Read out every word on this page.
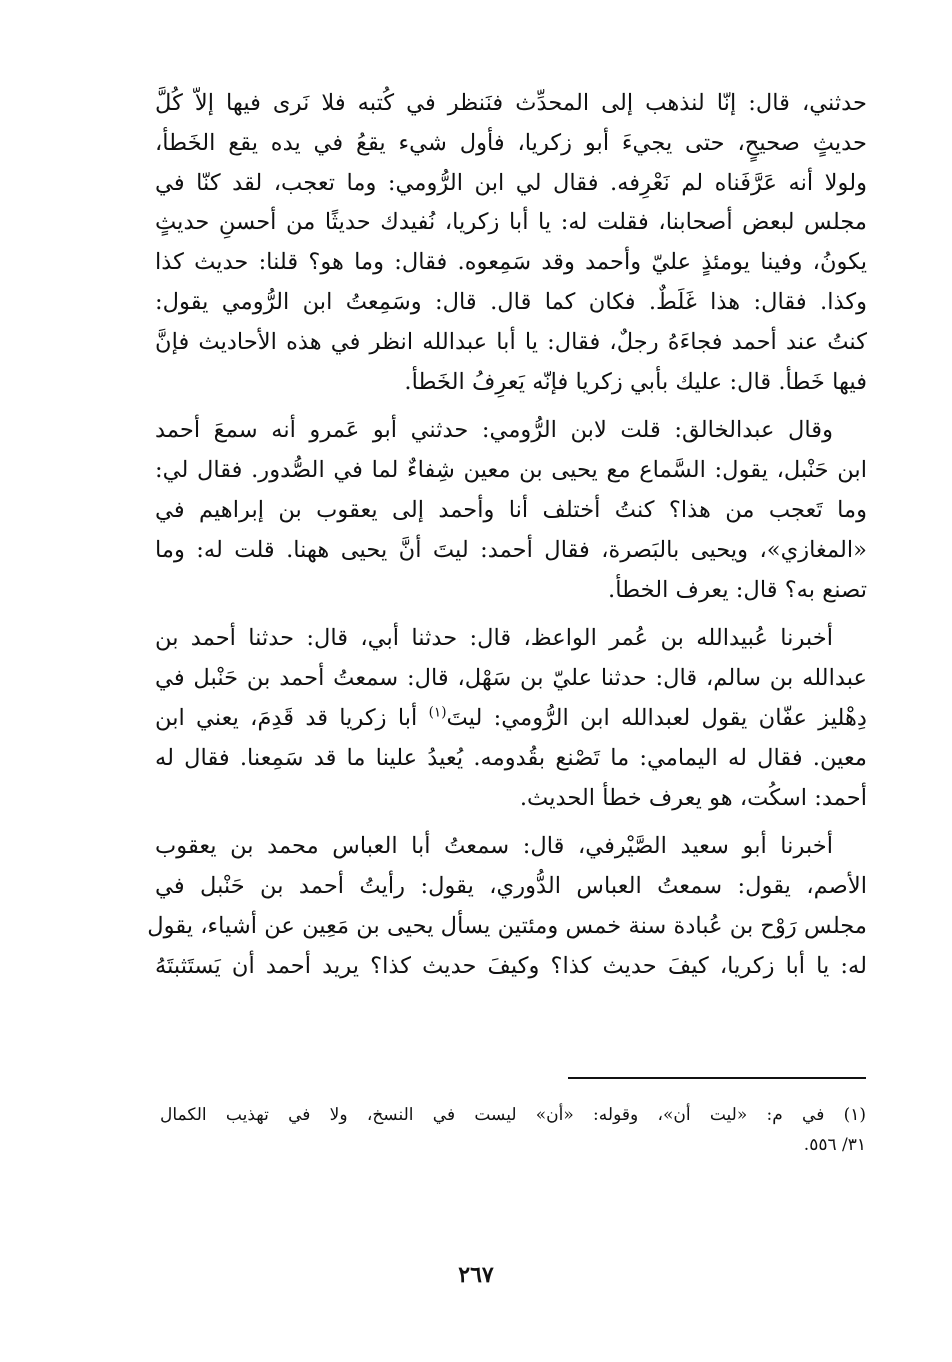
حدثني، قال: إنّا لنذهب إلى المحدِّث فنَنظر في كُتبه فلا نَرى فيها إلاّ كُلَّ
حديثٍ صحيحٍ، حتى يجيءَ أبو زكريا، فأول شيء يقعُ في يده يقع الخَطأ،
ولولا أنه عَرَّفَناه لم نَعْرِفه. فقال لي ابن الرُّومي: وما تعجب، لقد كنّا في
مجلس لبعض أصحابنا، فقلت له: يا أبا زكريا، نُفيدك حديثًا من أحسنِ حديثٍ
يكونُ، وفينا يومئذٍ عليّ وأحمد وقد سَمِعوه. فقال: وما هو؟ قلنا: حديث كذا
وكذا. فقال: هذا غَلَطٌ. فكان كما قال. قال: وسَمِعتُ ابن الرُّومي يقول:
كنتُ عند أحمد فجاءَهُ رجلٌ، فقال: يا أبا عبدالله انظر في هذه الأحاديث فإنَّ
فيها خَطأ. قال: عليك بأبي زكريا فإنّه يَعرِفُ الخَطأ.

وقال عبدالخالق: قلت لابن الرُّومي: حدثني أبو عَمرو أنه سمعَ أحمد
ابن حَنْبل، يقول: السَّماع مع يحيى بن معين شِفاءٌ لما في الصُّدور. فقال لي:
وما تَعجب من هذا؟ كنتُ أختلف أنا وأحمد إلى يعقوب بن إبراهيم في
«المغازي»، ويحيى بالبَصرة، فقال أحمد: ليتَ أنَّ يحيى ههنا. قلت له: وما
تصنع به؟ قال: يعرف الخطأ.

أخبرنا عُبيدالله بن عُمر الواعظ، قال: حدثنا أبي، قال: حدثنا أحمد بن
عبدالله بن سالم، قال: حدثنا عليّ بن سَهْل، قال: سمعتُ أحمد بن حَنْبل في
دِهْليز عفّان يقول لعبدالله ابن الرُّومي: ليتَ$^{(١)}$ أبا زكريا قد قَدِمَ، يعني ابن
معين. فقال له اليمامي: ما تَصْنع بقُدومه. يُعيدُ علينا ما قد سَمِعنا. فقال له
أحمد: اسكُت، هو يعرف خطأ الحديث.

أخبرنا أبو سعيد الصَّيْرفي، قال: سمعتُ أبا العباس محمد بن يعقوب
الأصم، يقول: سمعتُ العباس الدُّوري، يقول: رأيتُ أحمد بن حَنْبل في
مجلس رَوْح بن عُبادة سنة خمس ومئتين يسأل يحيى بن مَعِين عن أشياء، يقول
له: يا أبا زكريا، كيفَ حديث كذا؟ وكيفَ حديث كذا؟ يريد أحمد أن يَستَثبتَهُ

(١) في م: «ليت أن»، وقوله: «أن» ليست في النسخ، ولا في تهذيب الكمال
٣١/ ٥٥٦.
٢٦٧
